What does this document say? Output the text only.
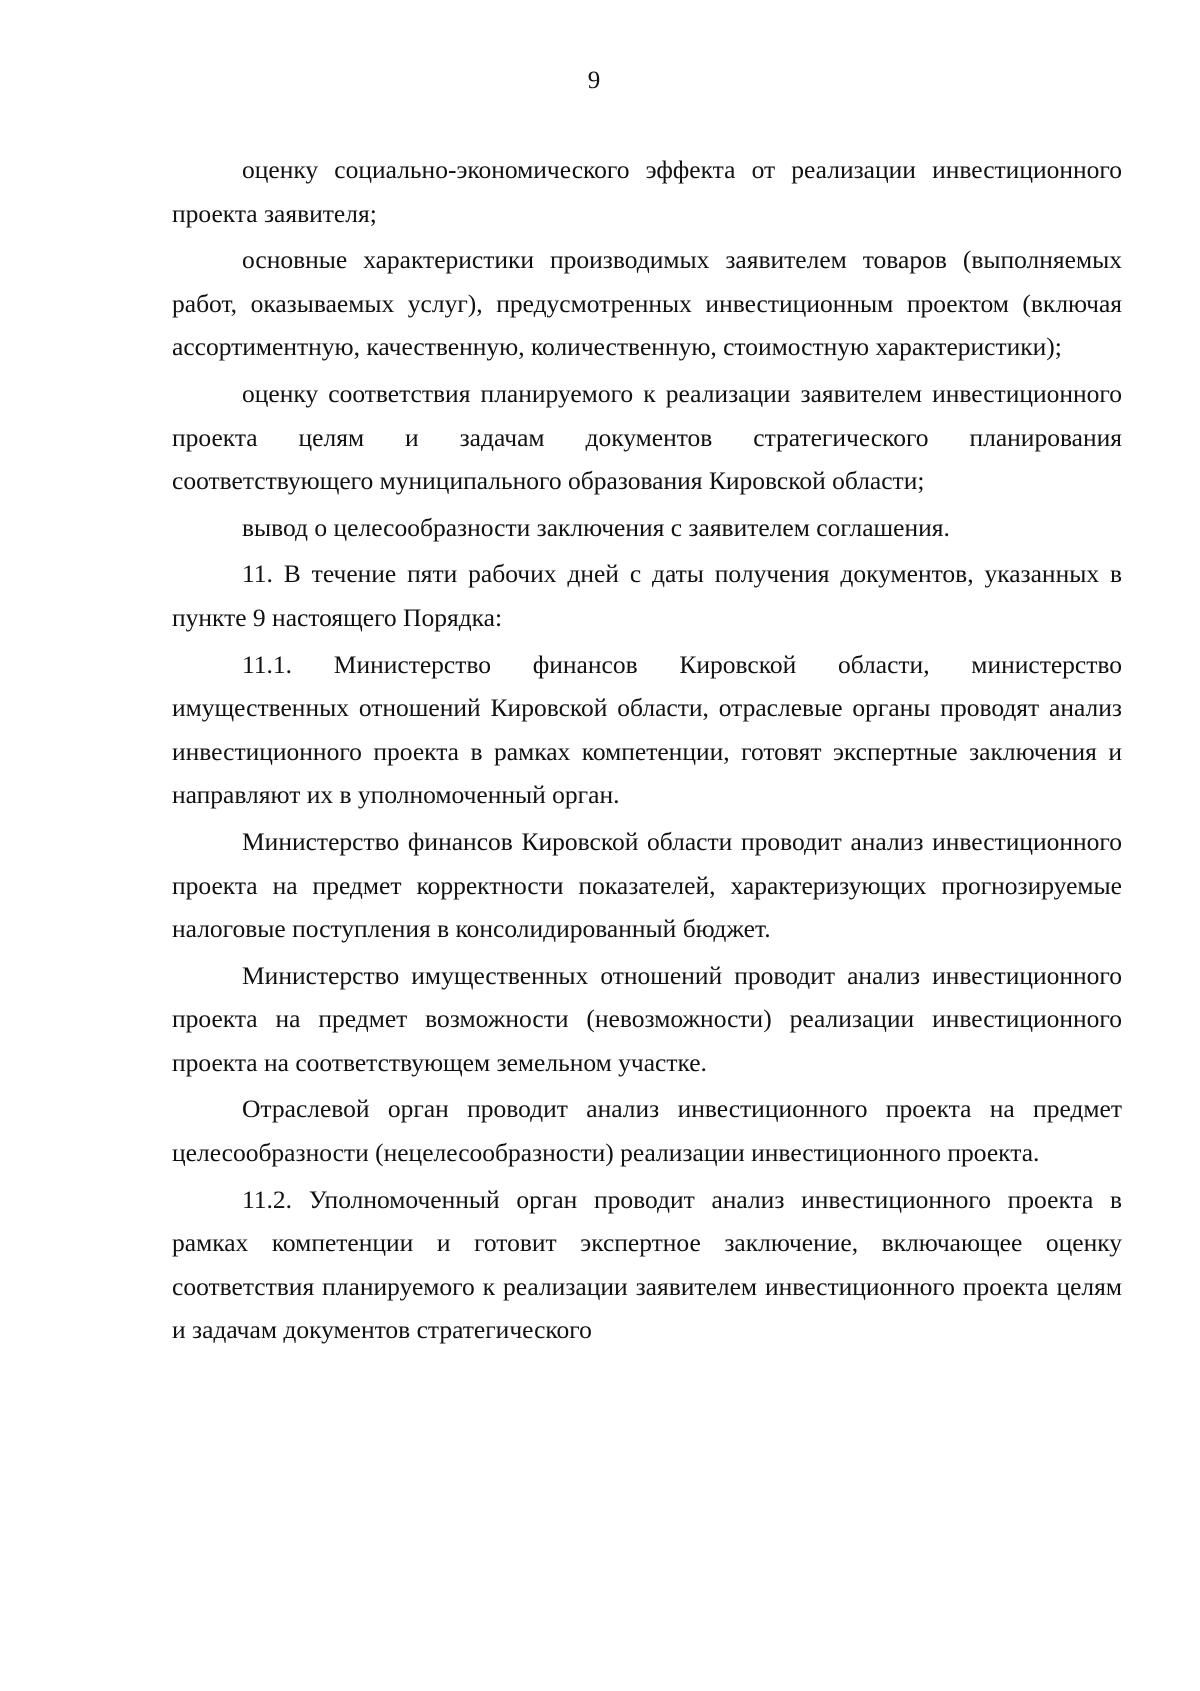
9

оценку социально-экономического эффекта от реализации инвестиционного проекта заявителя;

основные характеристики производимых заявителем товаров (выполняемых работ, оказываемых услуг), предусмотренных инвестиционным проектом (включая ассортиментную, качественную, количественную, стоимостную характеристики);

оценку соответствия планируемого к реализации заявителем инвестиционного проекта целям и задачам документов стратегического планирования соответствующего муниципального образования Кировской области;

вывод о целесообразности заключения с заявителем соглашения.

11. В течение пяти рабочих дней с даты получения документов, указанных в пункте 9 настоящего Порядка:

11.1. Министерство финансов Кировской области, министерство имущественных отношений Кировской области, отраслевые органы проводят анализ инвестиционного проекта в рамках компетенции, готовят экспертные заключения и направляют их в уполномоченный орган.

Министерство финансов Кировской области проводит анализ инвестиционного проекта на предмет корректности показателей, характеризующих прогнозируемые налоговые поступления в консолидированный бюджет.

Министерство имущественных отношений проводит анализ инвестиционного проекта на предмет возможности (невозможности) реализации инвестиционного проекта на соответствующем земельном участке.

Отраслевой орган проводит анализ инвестиционного проекта на предмет целесообразности (нецелесообразности) реализации инвестиционного проекта.

11.2. Уполномоченный орган проводит анализ инвестиционного проекта в рамках компетенции и готовит экспертное заключение, включающее оценку соответствия планируемого к реализации заявителем инвестиционного проекта целям и задачам документов стратегического
